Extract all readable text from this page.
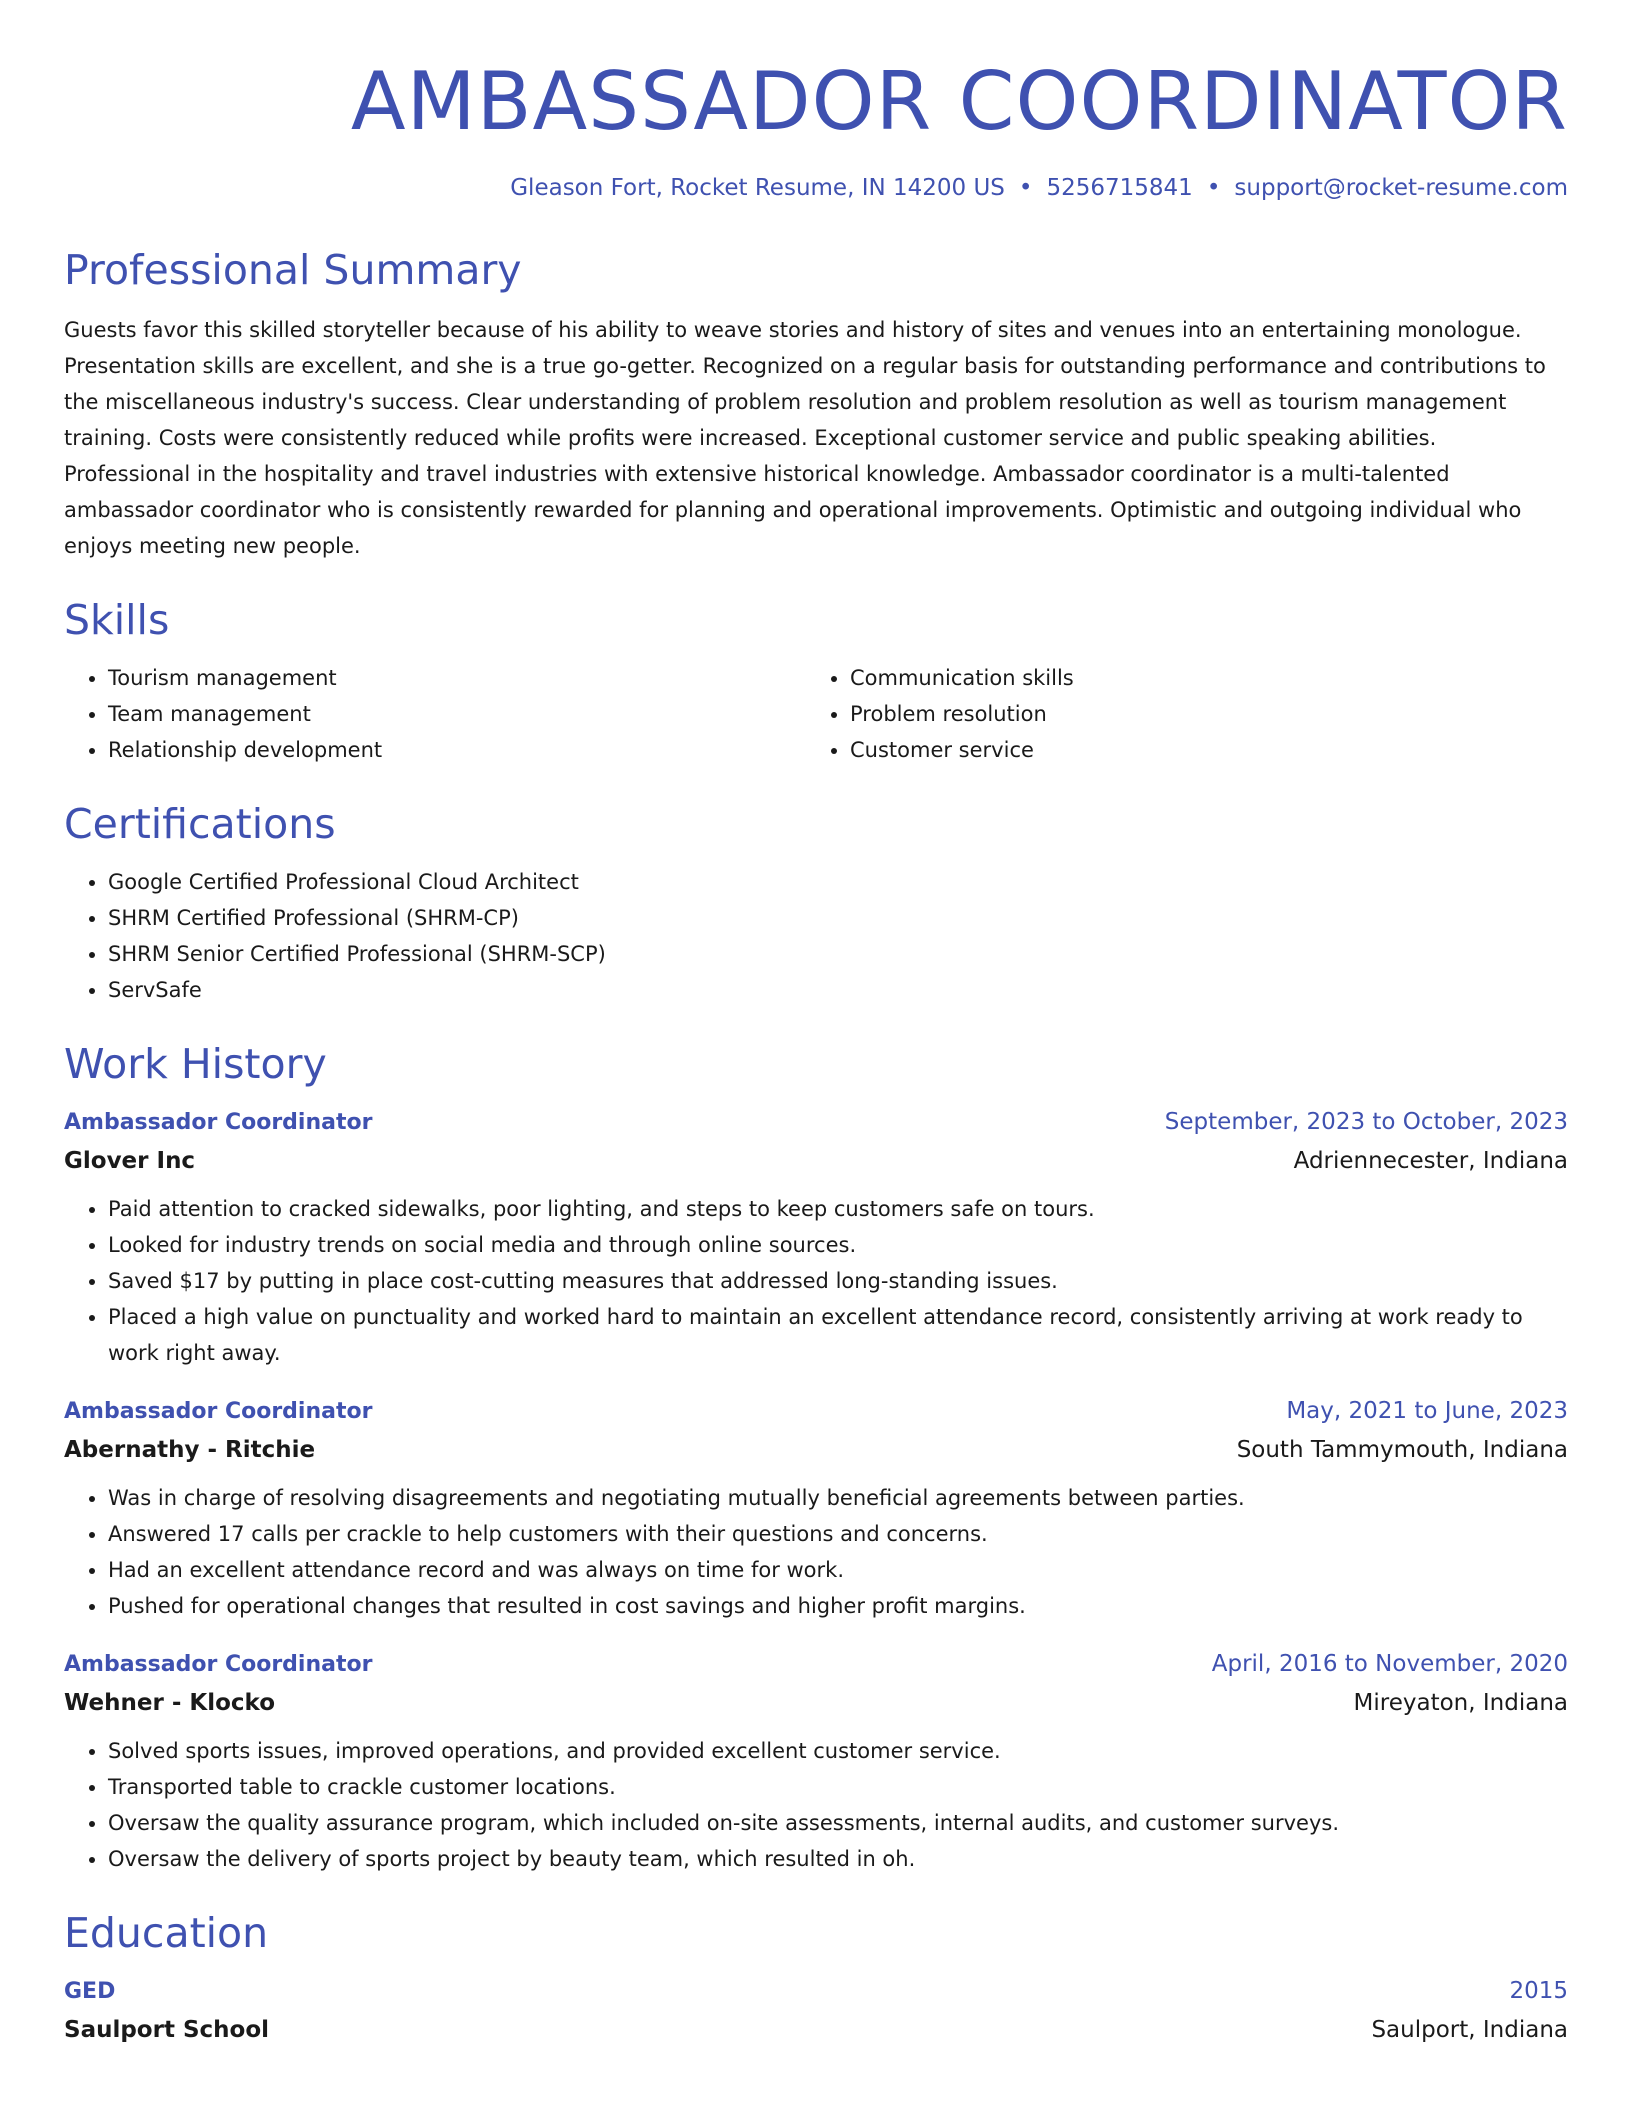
AMBASSADOR COORDINATOR
Gleason Fort, Rocket Resume, IN 14200 US • 5256715841 • support@rocket-resume.com
Professional Summary

Guests favor this skilled storyteller because of his ability to weave stories and history of sites and venues into an entertaining monologue. Presentation skills are excellent, and she is a true go-getter. Recognized on a regular basis for outstanding performance and contributions to the miscellaneous industry's success. Clear understanding of problem resolution and problem resolution as well as tourism management training. Costs were consistently reduced while profits were increased. Exceptional customer service and public speaking abilities. Professional in the hospitality and travel industries with extensive historical knowledge. Ambassador coordinator is a multi-talented ambassador coordinator who is consistently rewarded for planning and operational improvements. Optimistic and outgoing individual who enjoys meeting new people.

Skills
• Tourism management
• Team management
• Relationship development
• Communication skills
• Problem resolution
• Customer service
Certifications
• Google Certified Professional Cloud Architect
• SHRM Certified Professional (SHRM-CP)
• SHRM Senior Certified Professional (SHRM-SCP)
• ServSafe
Work History
Ambassador Coordinator	September, 2023 to October, 2023
Glover Inc	Adriennecester, Indiana
• Paid attention to cracked sidewalks, poor lighting, and steps to keep customers safe on tours.
• Looked for industry trends on social media and through online sources.
• Saved $17 by putting in place cost-cutting measures that addressed long-standing issues.
• Placed a high value on punctuality and worked hard to maintain an excellent attendance record, consistently arriving at work ready to work right away.
Ambassador Coordinator	May, 2021 to June, 2023
Abernathy - Ritchie	South Tammymouth, Indiana
• Was in charge of resolving disagreements and negotiating mutually beneficial agreements between parties.
• Answered 17 calls per crackle to help customers with their questions and concerns.
• Had an excellent attendance record and was always on time for work.
• Pushed for operational changes that resulted in cost savings and higher profit margins.
Ambassador Coordinator	April, 2016 to November, 2020
Wehner - Klocko	Mireyaton, Indiana
• Solved sports issues, improved operations, and provided excellent customer service.
• Transported table to crackle customer locations.
• Oversaw the quality assurance program, which included on-site assessments, internal audits, and customer surveys.
• Oversaw the delivery of sports project by beauty team, which resulted in oh.
Education
GED	2015
Saulport School	Saulport, Indiana
